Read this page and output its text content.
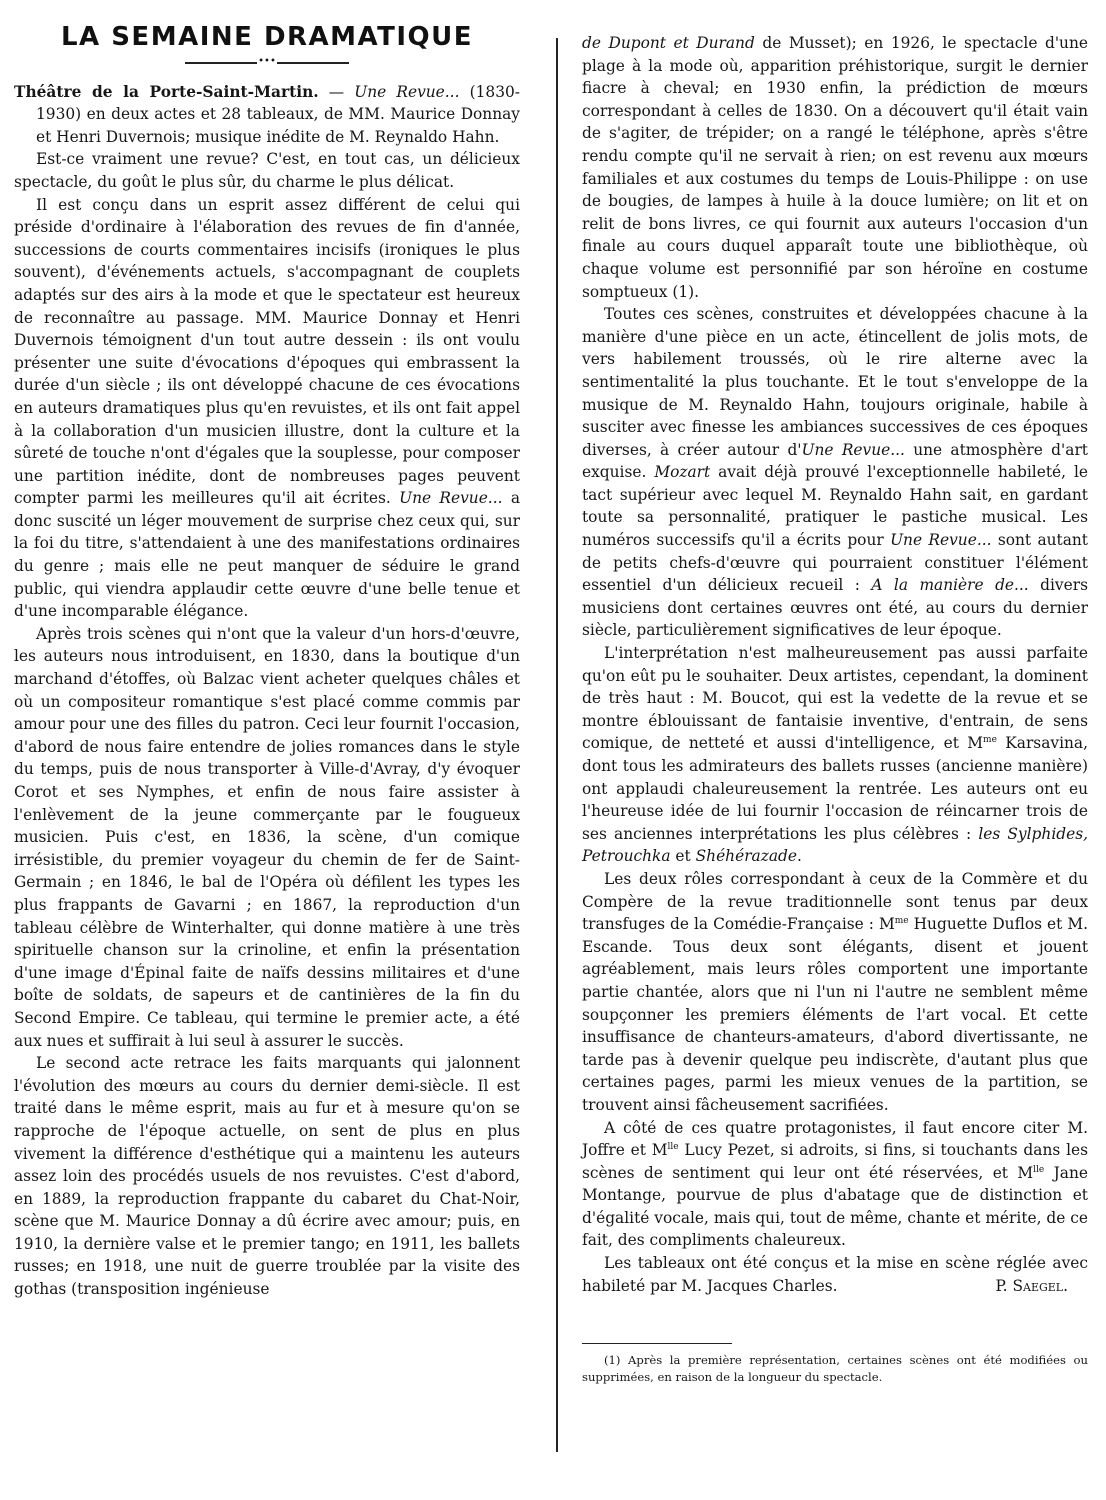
LA SEMAINE DRAMATIQUE
•••

Théâtre de la Porte-Saint-Martin. — Une Revue... (1830-1930) en deux actes et 28 tableaux, de MM. Maurice Donnay et Henri Duvernois; musique inédite de M. Reynaldo Hahn.

Est-ce vraiment une revue? C'est, en tout cas, un délicieux spectacle, du goût le plus sûr, du charme le plus délicat.

Il est conçu dans un esprit assez différent de celui qui préside d'ordinaire à l'élaboration des revues de fin d'année, successions de courts commentaires incisifs (ironiques le plus souvent), d'événements actuels, s'accompagnant de couplets adaptés sur des airs à la mode et que le spectateur est heureux de reconnaître au passage. MM. Maurice Donnay et Henri Duvernois témoignent d'un tout autre dessein : ils ont voulu présenter une suite d'évocations d'époques qui embrassent la durée d'un siècle ; ils ont développé chacune de ces évocations en auteurs dramatiques plus qu'en revuistes, et ils ont fait appel à la collaboration d'un musicien illustre, dont la culture et la sûreté de touche n'ont d'égales que la souplesse, pour composer une partition inédite, dont de nombreuses pages peuvent compter parmi les meilleures qu'il ait écrites. Une Revue... a donc suscité un léger mouvement de surprise chez ceux qui, sur la foi du titre, s'attendaient à une des manifestations ordinaires du genre ; mais elle ne peut manquer de séduire le grand public, qui viendra applaudir cette œuvre d'une belle tenue et d'une incomparable élégance.

Après trois scènes qui n'ont que la valeur d'un hors-d'œuvre, les auteurs nous introduisent, en 1830, dans la boutique d'un marchand d'étoffes, où Balzac vient acheter quelques châles et où un compositeur romantique s'est placé comme commis par amour pour une des filles du patron. Ceci leur fournit l'occasion, d'abord de nous faire entendre de jolies romances dans le style du temps, puis de nous transporter à Ville-d'Avray, d'y évoquer Corot et ses Nymphes, et enfin de nous faire assister à l'enlèvement de la jeune commerçante par le fougueux musicien. Puis c'est, en 1836, la scène, d'un comique irrésistible, du premier voyageur du chemin de fer de Saint-Germain ; en 1846, le bal de l'Opéra où défilent les types les plus frappants de Gavarni ; en 1867, la reproduction d'un tableau célèbre de Winterhalter, qui donne matière à une très spirituelle chanson sur la crinoline, et enfin la présentation d'une image d'Épinal faite de naïfs dessins militaires et d'une boîte de soldats, de sapeurs et de cantinières de la fin du Second Empire. Ce tableau, qui termine le premier acte, a été aux nues et suffirait à lui seul à assurer le succès.

Le second acte retrace les faits marquants qui jalonnent l'évolution des mœurs au cours du dernier demi-siècle. Il est traité dans le même esprit, mais au fur et à mesure qu'on se rapproche de l'époque actuelle, on sent de plus en plus vivement la différence d'esthétique qui a maintenu les auteurs assez loin des procédés usuels de nos revuistes. C'est d'abord, en 1889, la reproduction frappante du cabaret du Chat-Noir, scène que M. Maurice Donnay a dû écrire avec amour; puis, en 1910, la dernière valse et le premier tango; en 1911, les ballets russes; en 1918, une nuit de guerre troublée par la visite des gothas (transposition ingénieuse

de Dupont et Durand de Musset); en 1926, le spectacle d'une plage à la mode où, apparition préhistorique, surgit le dernier fiacre à cheval; en 1930 enfin, la prédiction de mœurs correspondant à celles de 1830. On a découvert qu'il était vain de s'agiter, de trépider; on a rangé le téléphone, après s'être rendu compte qu'il ne servait à rien; on est revenu aux mœurs familiales et aux costumes du temps de Louis-Philippe : on use de bougies, de lampes à huile à la douce lumière; on lit et on relit de bons livres, ce qui fournit aux auteurs l'occasion d'un finale au cours duquel apparaît toute une bibliothèque, où chaque volume est personnifié par son héroïne en costume somptueux (1).

Toutes ces scènes, construites et développées chacune à la manière d'une pièce en un acte, étincellent de jolis mots, de vers habilement troussés, où le rire alterne avec la sentimentalité la plus touchante. Et le tout s'enveloppe de la musique de M. Reynaldo Hahn, toujours originale, habile à susciter avec finesse les ambiances successives de ces époques diverses, à créer autour d'Une Revue... une atmosphère d'art exquise. Mozart avait déjà prouvé l'exceptionnelle habileté, le tact supérieur avec lequel M. Reynaldo Hahn sait, en gardant toute sa personnalité, pratiquer le pastiche musical. Les numéros successifs qu'il a écrits pour Une Revue... sont autant de petits chefs-d'œuvre qui pourraient constituer l'élément essentiel d'un délicieux recueil : A la manière de... divers musiciens dont certaines œuvres ont été, au cours du dernier siècle, particulièrement significatives de leur époque.

L'interprétation n'est malheureusement pas aussi parfaite qu'on eût pu le souhaiter. Deux artistes, cependant, la dominent de très haut : M. Boucot, qui est la vedette de la revue et se montre éblouissant de fantaisie inventive, d'entrain, de sens comique, de netteté et aussi d'intelligence, et $M^{me}$ Karsavina, dont tous les admirateurs des ballets russes (ancienne manière) ont applaudi chaleureusement la rentrée. Les auteurs ont eu l'heureuse idée de lui fournir l'occasion de réincarner trois de ses anciennes interprétations les plus célèbres : les Sylphides, Petrouchka et Shéhérazade.

Les deux rôles correspondant à ceux de la Commère et du Compère de la revue traditionnelle sont tenus par deux transfuges de la Comédie-Française : $M^{me}$ Huguette Duflos et M. Escande. Tous deux sont élégants, disent et jouent agréablement, mais leurs rôles comportent une importante partie chantée, alors que ni l'un ni l'autre ne semblent même soupçonner les premiers éléments de l'art vocal. Et cette insuffisance de chanteurs-amateurs, d'abord divertissante, ne tarde pas à devenir quelque peu indiscrète, d'autant plus que certaines pages, parmi les mieux venues de la partition, se trouvent ainsi fâcheusement sacrifiées.

A côté de ces quatre protagonistes, il faut encore citer M. Joffre et $M^{lle}$ Lucy Pezet, si adroits, si fins, si touchants dans les scènes de sentiment qui leur ont été réservées, et $M^{lle}$ Jane Montange, pourvue de plus d'abatage que de distinction et d'égalité vocale, mais qui, tout de même, chante et mérite, de ce fait, des compliments chaleureux.

Les tableaux ont été conçus et la mise en scène réglée avec habileté par M. Jacques Charles.	P. Saegel.

(1) Après la première représentation, certaines scènes ont été modifiées ou supprimées, en raison de la longueur du spectacle.
